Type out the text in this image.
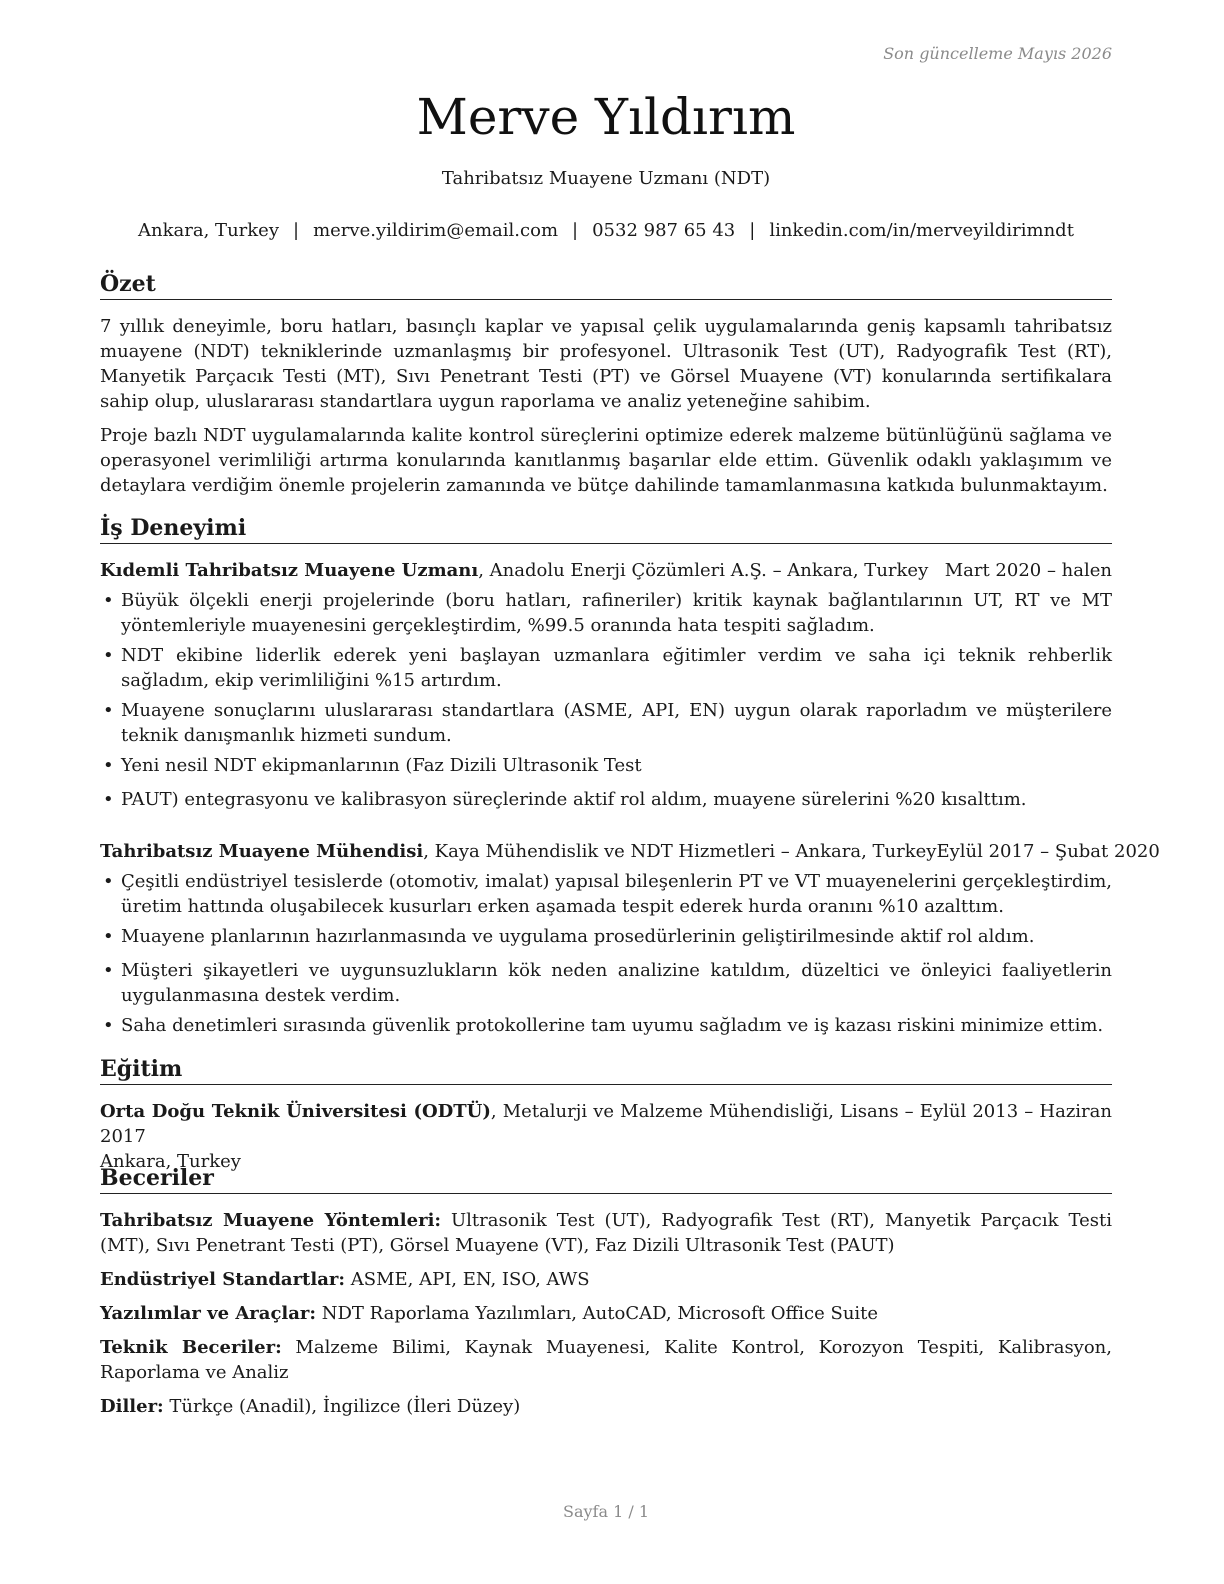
Son güncelleme Mayıs 2026
Merve Yıldırım
Tahribatsız Muayene Uzmanı (NDT)
Ankara, Turkey | merve.yildirim@email.com | 0532 987 65 43 | linkedin.com/in/merveyildirimndt
Özet

7 yıllık deneyimle, boru hatları, basınçlı kaplar ve yapısal çelik uygulamalarında geniş kapsamlı tahribatsız muayene (NDT) tekniklerinde uzmanlaşmış bir profesyonel. Ultrasonik Test (UT), Radyografik Test (RT), Manyetik Parçacık Testi (MT), Sıvı Penetrant Testi (PT) ve Görsel Muayene (VT) konularında sertifikalara sahip olup, uluslararası standartlara uygun raporlama ve analiz yeteneğine sahibim.

Proje bazlı NDT uygulamalarında kalite kontrol süreçlerini optimize ederek malzeme bütünlüğünü sağlama ve operasyonel verimliliği artırma konularında kanıtlanmış başarılar elde ettim. Güvenlik odaklı yaklaşımım ve detaylara verdiğim önemle projelerin zamanında ve bütçe dahilinde tamamlanmasına katkıda bulunmaktayım.

İş Deneyimi
Kıdemli Tahribatsız Muayene Uzmanı, Anadolu Enerji Çözümleri A.Ş. – Ankara, Turkey Mart 2020 – halen
• Büyük ölçekli enerji projelerinde (boru hatları, rafineriler) kritik kaynak bağlantılarının UT, RT ve MT yöntemleriyle muayenesini gerçekleştirdim, %99.5 oranında hata tespiti sağladım.
• NDT ekibine liderlik ederek yeni başlayan uzmanlara eğitimler verdim ve saha içi teknik rehberlik sağladım, ekip verimliliğini %15 artırdım.
• Muayene sonuçlarını uluslararası standartlara (ASME, API, EN) uygun olarak raporladım ve müşterilere teknik danışmanlık hizmeti sundum.
• Yeni nesil NDT ekipmanlarının (Faz Dizili Ultrasonik Test
• PAUT) entegrasyonu ve kalibrasyon süreçlerinde aktif rol aldım, muayene sürelerini %20 kısalttım.
Tahribatsız Muayene Mühendisi, Kaya Mühendislik ve NDT Hizmetleri – Ankara, Turkey Eylül 2017 – Şubat 2020
• Çeşitli endüstriyel tesislerde (otomotiv, imalat) yapısal bileşenlerin PT ve VT muayenelerini gerçekleştirdim, üretim hattında oluşabilecek kusurları erken aşamada tespit ederek hurda oranını %10 azalttım.
• Muayene planlarının hazırlanmasında ve uygulama prosedürlerinin geliştirilmesinde aktif rol aldım.
• Müşteri şikayetleri ve uygunsuzlukların kök neden analizine katıldım, düzeltici ve önleyici faaliyetlerin uygulanmasına destek verdim.
• Saha denetimleri sırasında güvenlik protokollerine tam uyumu sağladım ve iş kazası riskini minimize ettim.
Eğitim

Orta Doğu Teknik Üniversitesi (ODTÜ), Metalurji ve Malzeme Mühendisliği, Lisans – Eylül 2013 – Haziran 2017
Ankara, Turkey

Beceriler

Tahribatsız Muayene Yöntemleri: Ultrasonik Test (UT), Radyografik Test (RT), Manyetik Parçacık Testi (MT), Sıvı Penetrant Testi (PT), Görsel Muayene (VT), Faz Dizili Ultrasonik Test (PAUT)

Endüstriyel Standartlar: ASME, API, EN, ISO, AWS

Yazılımlar ve Araçlar: NDT Raporlama Yazılımları, AutoCAD, Microsoft Office Suite

Teknik Beceriler: Malzeme Bilimi, Kaynak Muayenesi, Kalite Kontrol, Korozyon Tespiti, Kalibrasyon, Raporlama ve Analiz

Diller: Türkçe (Anadil), İngilizce (İleri Düzey)

Sayfa 1 / 1
